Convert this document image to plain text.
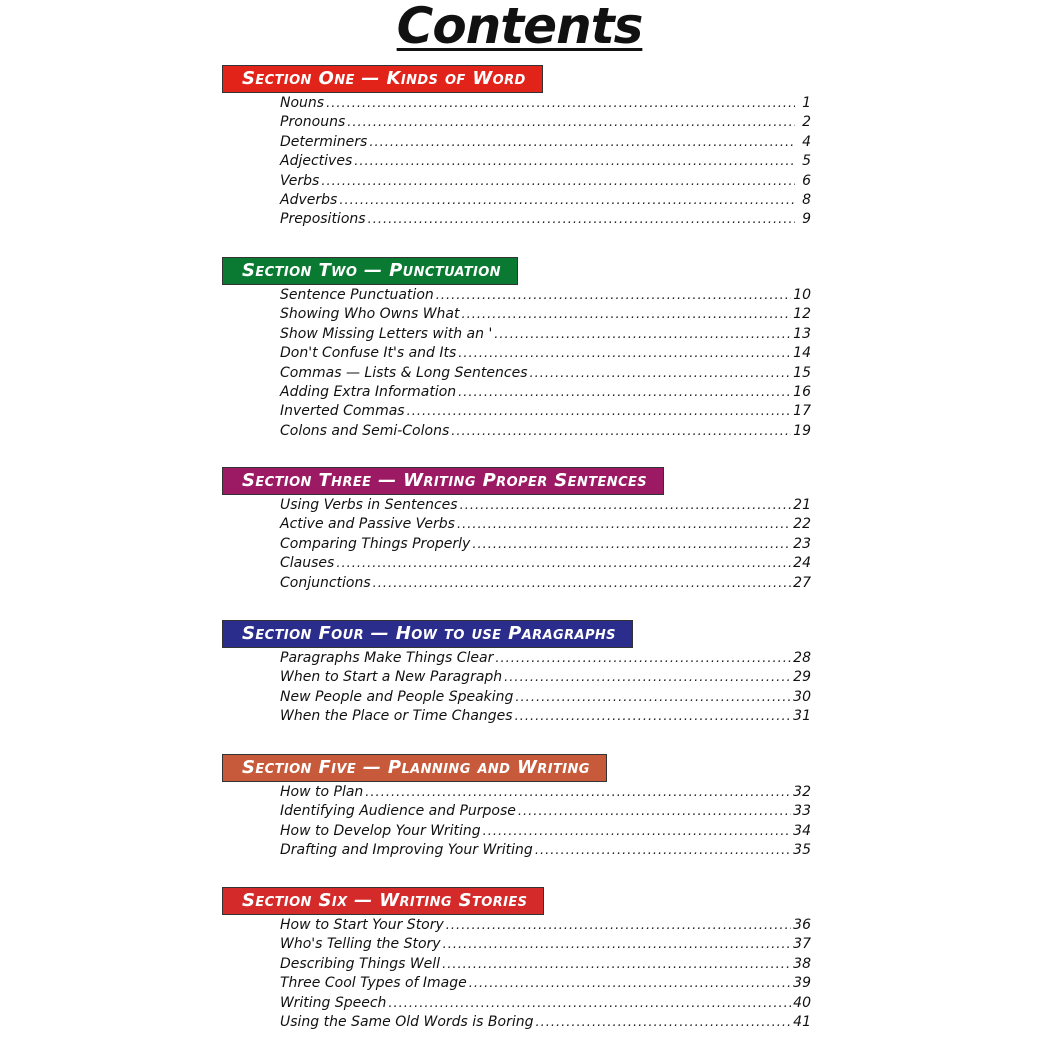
Contents
Section One — Kinds of Word
Nouns .....	1
Pronouns .....	2
Determiners .....	4
Adjectives .....	5
Verbs .....	6
Adverbs .....	8
Prepositions .....	9
Section Two — Punctuation
Sentence Punctuation .....	10
Showing Who Owns What .....	12
Show Missing Letters with an ' .....	13
Don't Confuse It's and Its .....	14
Commas — Lists & Long Sentences .....	15
Adding Extra Information .....	16
Inverted Commas .....	17
Colons and Semi-Colons .....	19
Section Three — Writing Proper Sentences
Using Verbs in Sentences .....	21
Active and Passive Verbs .....	22
Comparing Things Properly .....	23
Clauses .....	24
Conjunctions .....	27
Section Four — How to use Paragraphs
Paragraphs Make Things Clear .....	28
When to Start a New Paragraph .....	29
New People and People Speaking .....	30
When the Place or Time Changes .....	31
Section Five — Planning and Writing
How to Plan .....	32
Identifying Audience and Purpose .....	33
How to Develop Your Writing .....	34
Drafting and Improving Your Writing .....	35
Section Six — Writing Stories
How to Start Your Story .....	36
Who's Telling the Story .....	37
Describing Things Well .....	38
Three Cool Types of Image .....	39
Writing Speech .....	40
Using the Same Old Words is Boring .....	41
